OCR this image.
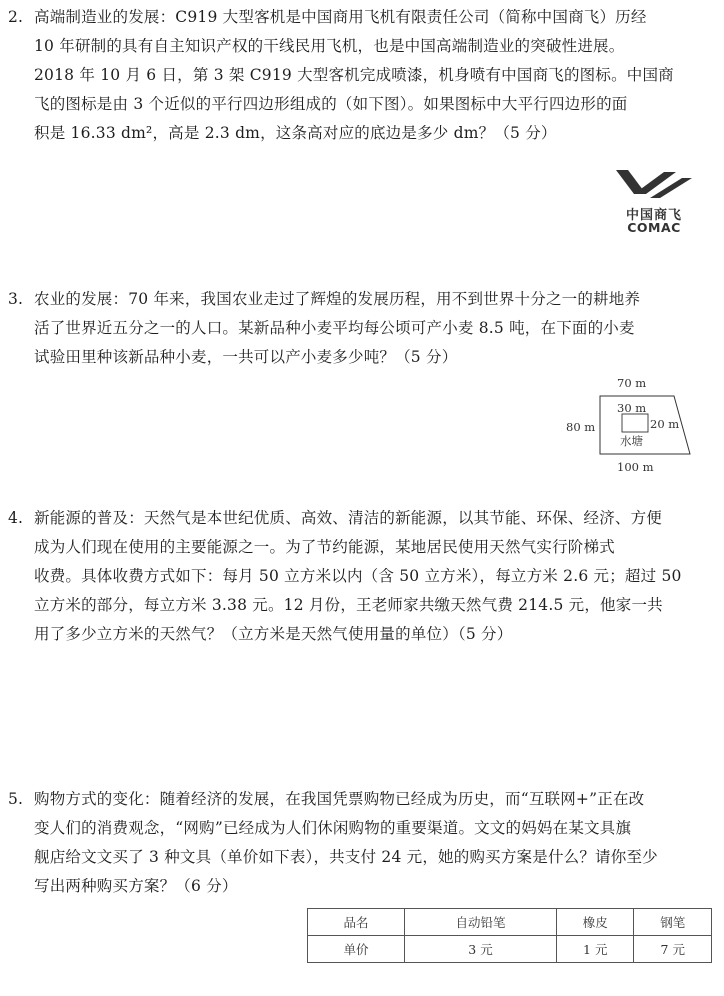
2. 高端制造业的发展：C919 大型客机是中国商用飞机有限责任公司（简称中国商飞）历经
10 年研制的具有自主知识产权的干线民用飞机，也是中国高端制造业的突破性进展。
2018 年 10 月 6 日，第 3 架 C919 大型客机完成喷漆，机身喷有中国商飞的图标。中国商
飞的图标是由 3 个近似的平行四边形组成的（如下图）。如果图标中大平行四边形的面
积是 16.33 dm²，高是 2.3 dm，这条高对应的底边是多少 dm？（5 分）
中国商飞
COMAC
3. 农业的发展：70 年来，我国农业走过了辉煌的发展历程，用不到世界十分之一的耕地养
活了世界近五分之一的人口。某新品种小麦平均每公顷可产小麦 8.5 吨，在下面的小麦
试验田里种该新品种小麦，一共可以产小麦多少吨？（5 分）
70 m
80 m
30 m
20 m
水塘
100 m
4. 新能源的普及：天然气是本世纪优质、高效、清洁的新能源，以其节能、环保、经济、方便
成为人们现在使用的主要能源之一。为了节约能源，某地居民使用天然气实行阶梯式
收费。具体收费方式如下：每月 50 立方米以内（含 50 立方米），每立方米 2.6 元；超过 50
立方米的部分，每立方米 3.38 元。12 月份，王老师家共缴天然气费 214.5 元，他家一共
用了多少立方米的天然气？（立方米是天然气使用量的单位）（5 分）
5. 购物方式的变化：随着经济的发展，在我国凭票购物已经成为历史，而“互联网+”正在改
变人们的消费观念，“网购”已经成为人们休闲购物的重要渠道。文文的妈妈在某文具旗
舰店给文文买了 3 种文具（单价如下表），共支付 24 元，她的购买方案是什么？请你至少
写出两种购买方案？（6 分）
品名	自动铅笔	橡皮	钢笔
单价	3 元	1 元	7 元
